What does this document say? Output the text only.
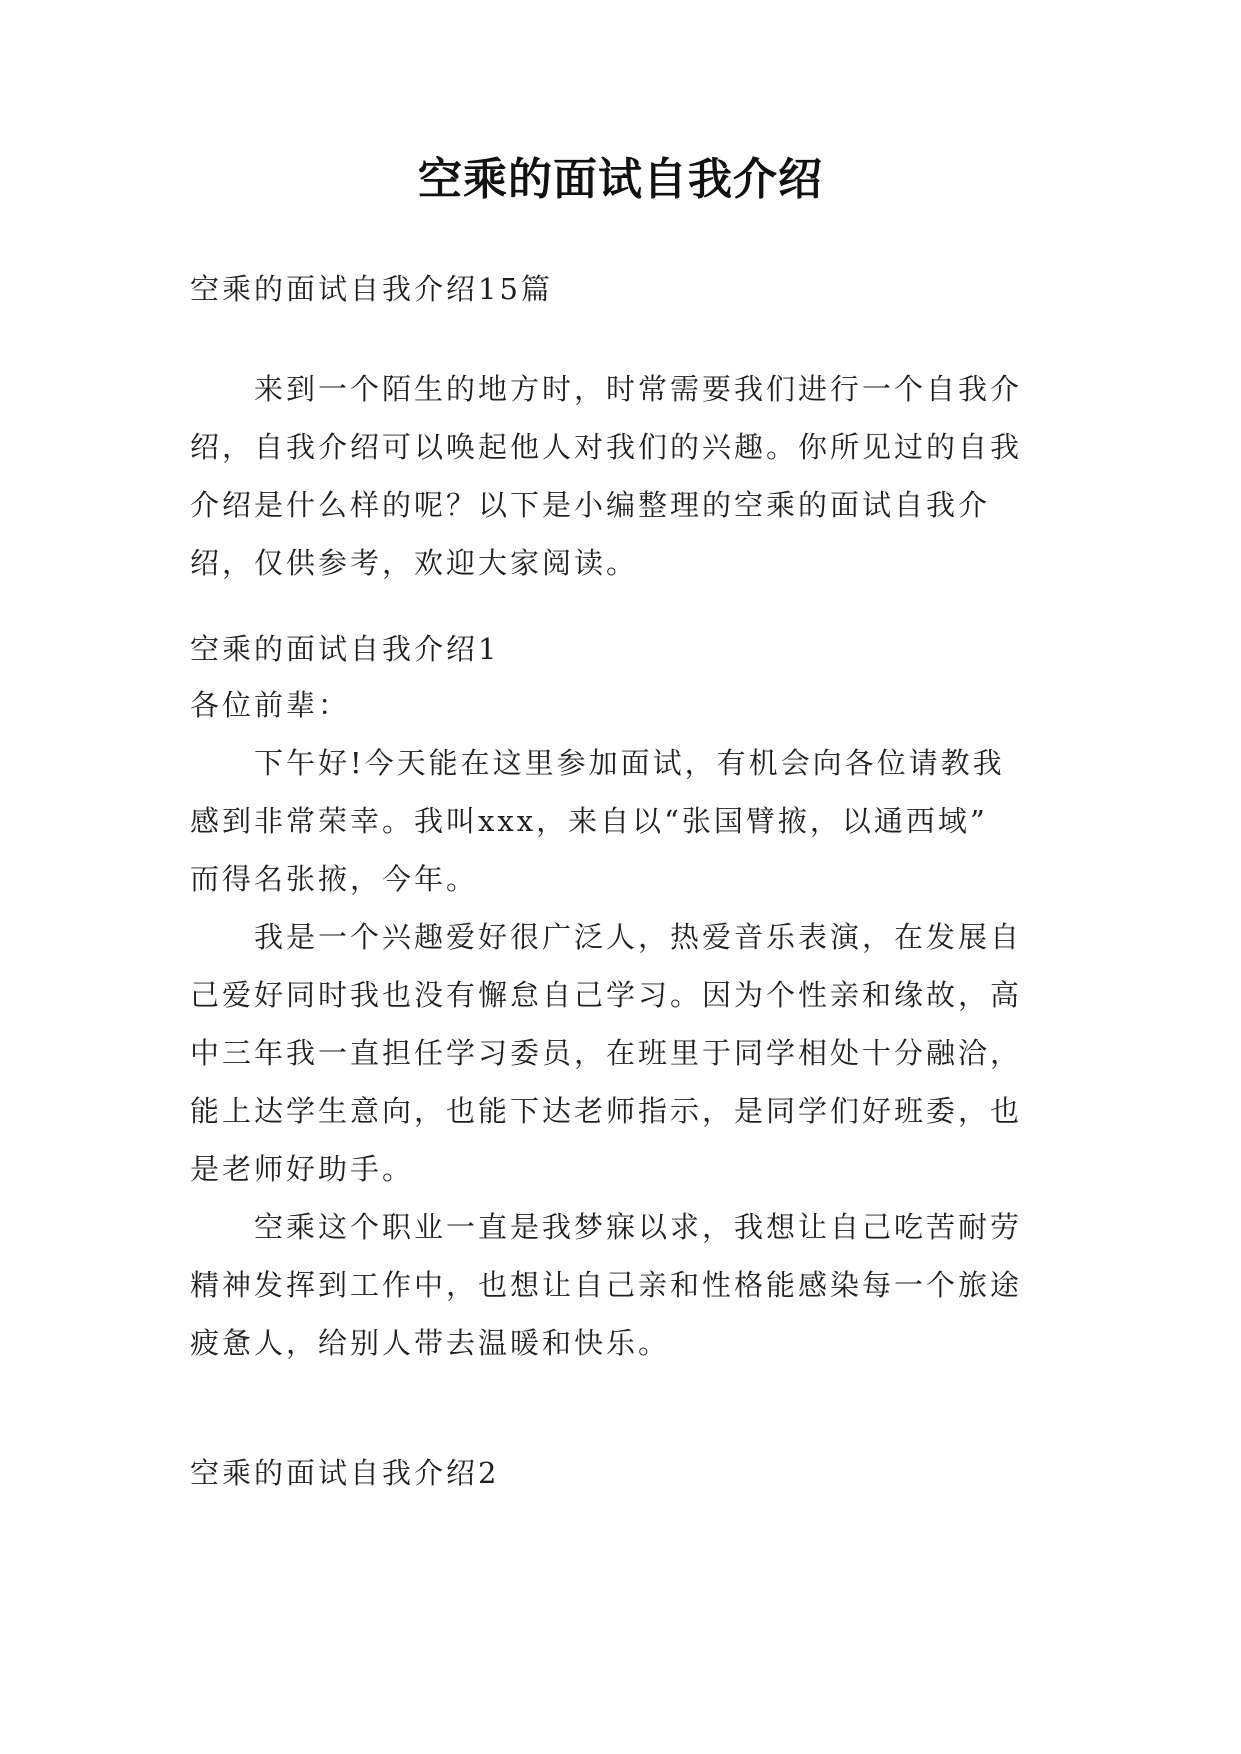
空乘的面试自我介绍
空乘的面试自我介绍15篇
来到一个陌生的地方时，时常需要我们进行一个自我介
绍，自我介绍可以唤起他人对我们的兴趣。你所见过的自我
介绍是什么样的呢？以下是小编整理的空乘的面试自我介
绍，仅供参考，欢迎大家阅读。
空乘的面试自我介绍1
各位前辈：
下午好!今天能在这里参加面试，有机会向各位请教我
感到非常荣幸。我叫xxx，来自以“张国臂掖，以通西域”
而得名张掖，今年。
我是一个兴趣爱好很广泛人，热爱音乐表演，在发展自
己爱好同时我也没有懈怠自己学习。因为个性亲和缘故，高
中三年我一直担任学习委员，在班里于同学相处十分融洽，
能上达学生意向，也能下达老师指示，是同学们好班委，也
是老师好助手。
空乘这个职业一直是我梦寐以求，我想让自己吃苦耐劳
精神发挥到工作中，也想让自己亲和性格能感染每一个旅途
疲惫人，给别人带去温暖和快乐。
空乘的面试自我介绍2
